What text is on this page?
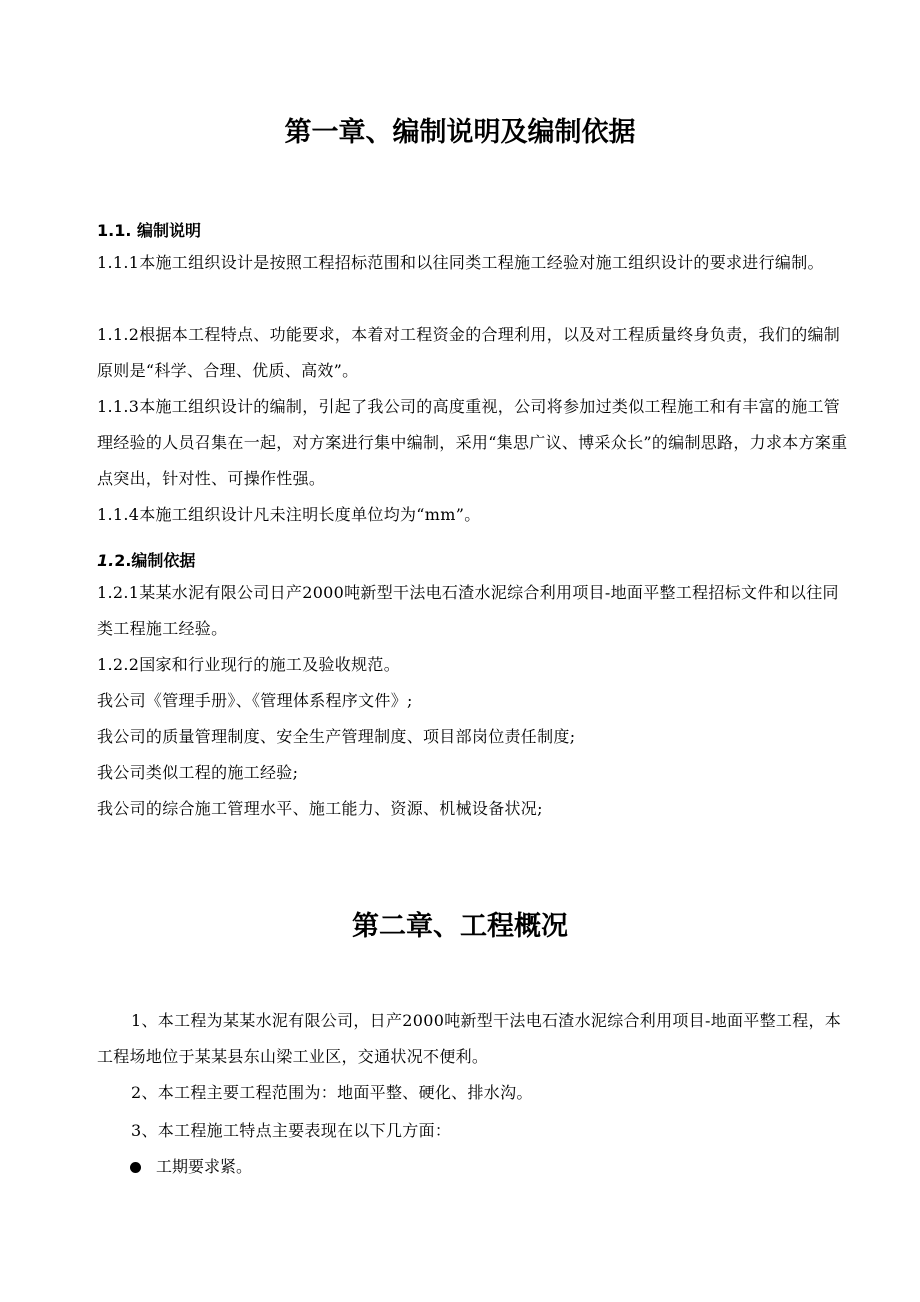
第一章、编制说明及编制依据
1.1. 编制说明

1.1.1本施工组织设计是按照工程招标范围和以往同类工程施工经验对施工组织设计的要求进行编制。

1.1.2根据本工程特点、功能要求，本着对工程资金的合理利用，以及对工程质量终身负责，我们的编制原则是“科学、合理、优质、高效”。

1.1.3本施工组织设计的编制，引起了我公司的高度重视，公司将参加过类似工程施工和有丰富的施工管理经验的人员召集在一起，对方案进行集中编制，采用“集思广议、博采众长”的编制思路，力求本方案重点突出，针对性、可操作性强。

1.1.4本施工组织设计凡未注明长度单位均为“mm”。

1.2.编制依据

1.2.1某某水泥有限公司日产2000吨新型干法电石渣水泥综合利用项目-地面平整工程招标文件和以往同类工程施工经验。

1.2.2国家和行业现行的施工及验收规范。

我公司《管理手册》、《管理体系程序文件》;

我公司的质量管理制度、安全生产管理制度、项目部岗位责任制度;

我公司类似工程的施工经验;

我公司的综合施工管理水平、施工能力、资源、机械设备状况;

第二章、工程概况

1、本工程为某某水泥有限公司，日产2000吨新型干法电石渣水泥综合利用项目-地面平整工程，本工程场地位于某某县东山梁工业区，交通状况不便利。

2、本工程主要工程范围为：地面平整、硬化、排水沟。

3、本工程施工特点主要表现在以下几方面：

工期要求紧。
